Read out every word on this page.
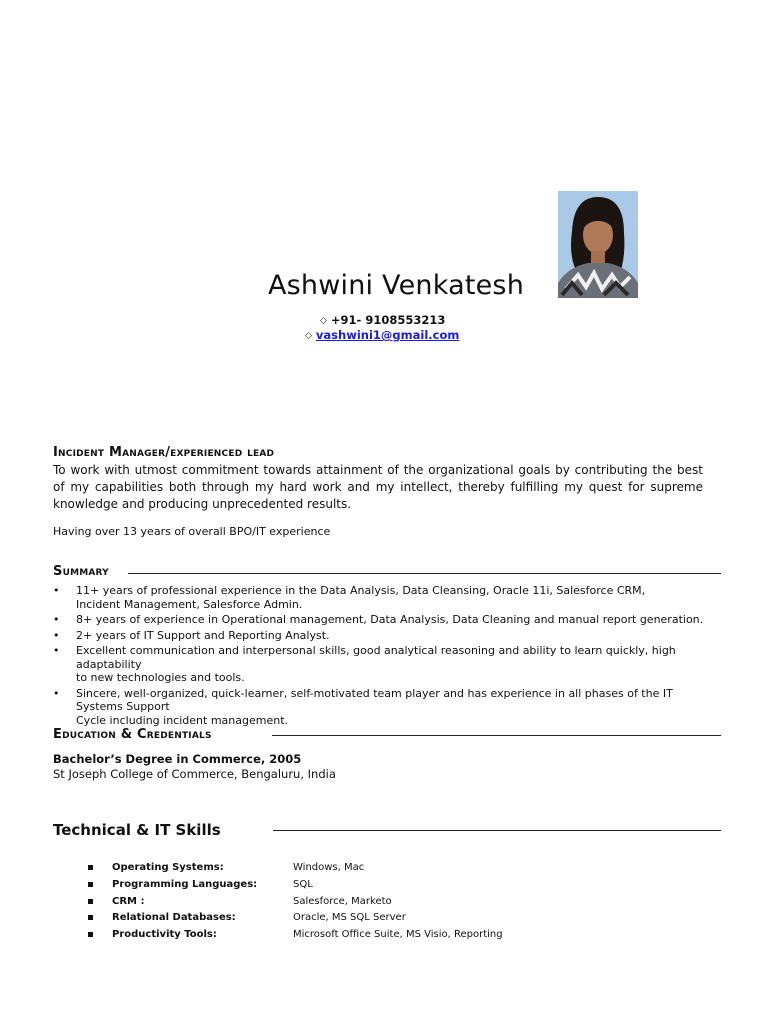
Ashwini Venkatesh
◇ +91- 9108553213
◇ vashwini1@gmail.com
Incident Manager/experienced lead
To work with utmost commitment towards attainment of the organizational goals by contributing the best of my capabilities both through my hard work and my intellect, thereby fulfilling my quest for supreme knowledge and producing unprecedented results.
Having over 13 years of overall BPO/IT experience
Summary
• 11+ years of professional experience in the Data Analysis, Data Cleansing, Oracle 11i, Salesforce CRM,
Incident Management, Salesforce Admin.
• 8+ years of experience in Operational management, Data Analysis, Data Cleaning and manual report generation.
• 2+ years of IT Support and Reporting Analyst.
• Excellent communication and interpersonal skills, good analytical reasoning and ability to learn quickly, high adaptability
to new technologies and tools.
• Sincere, well-organized, quick-learner, self-motivated team player and has experience in all phases of the IT Systems Support
Cycle including incident management.
Education & Credentials
Bachelor’s Degree in Commerce, 2005
St Joseph College of Commerce, Bengaluru, India
Technical & IT Skills
Operating Systems:	Windows, Mac
Programming Languages:	SQL
CRM :	Salesforce, Marketo
Relational Databases:	Oracle, MS SQL Server
Productivity Tools:	Microsoft Office Suite, MS Visio, Reporting
